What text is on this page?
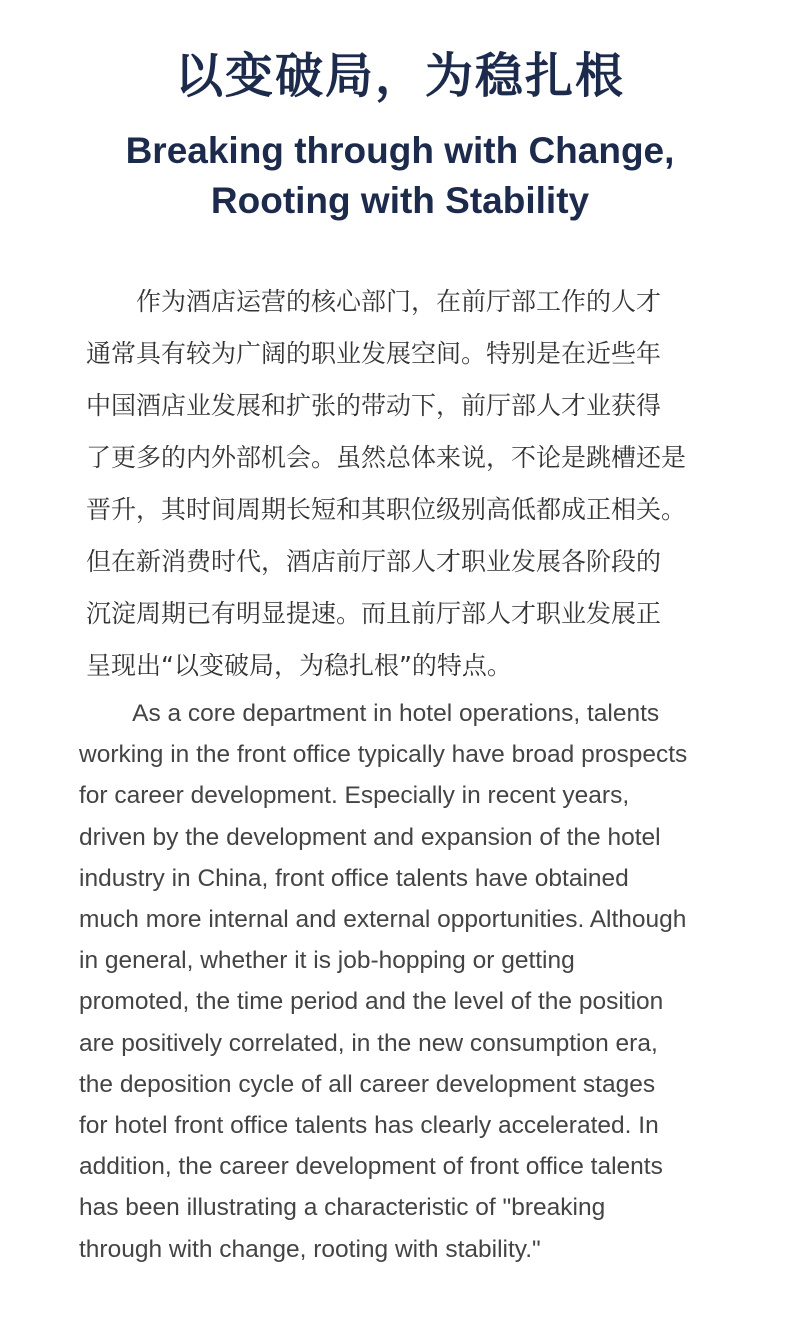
以变破局，为稳扎根
Breaking through with Change,
Rooting with Stability
　　作为酒店运营的核心部门，在前厅部工作的人才
通常具有较为广阔的职业发展空间。特别是在近些年
中国酒店业发展和扩张的带动下，前厅部人才业获得
了更多的内外部机会。虽然总体来说，不论是跳槽还是
晋升，其时间周期长短和其职位级别高低都成正相关。
但在新消费时代，酒店前厅部人才职业发展各阶段的
沉淀周期已有明显提速。而且前厅部人才职业发展正
呈现出“以变破局，为稳扎根”的特点。
As a core department in hotel operations, talents
working in the front office typically have broad prospects
for career development. Especially in recent years,
driven by the development and expansion of the hotel
industry in China, front office talents have obtained
much more internal and external opportunities. Although
in general, whether it is job-hopping or getting
promoted, the time period and the level of the position
are positively correlated, in the new consumption era,
the deposition cycle of all career development stages
for hotel front office talents has clearly accelerated. In
addition, the career development of front office talents
has been illustrating a characteristic of "breaking
through with change, rooting with stability."
